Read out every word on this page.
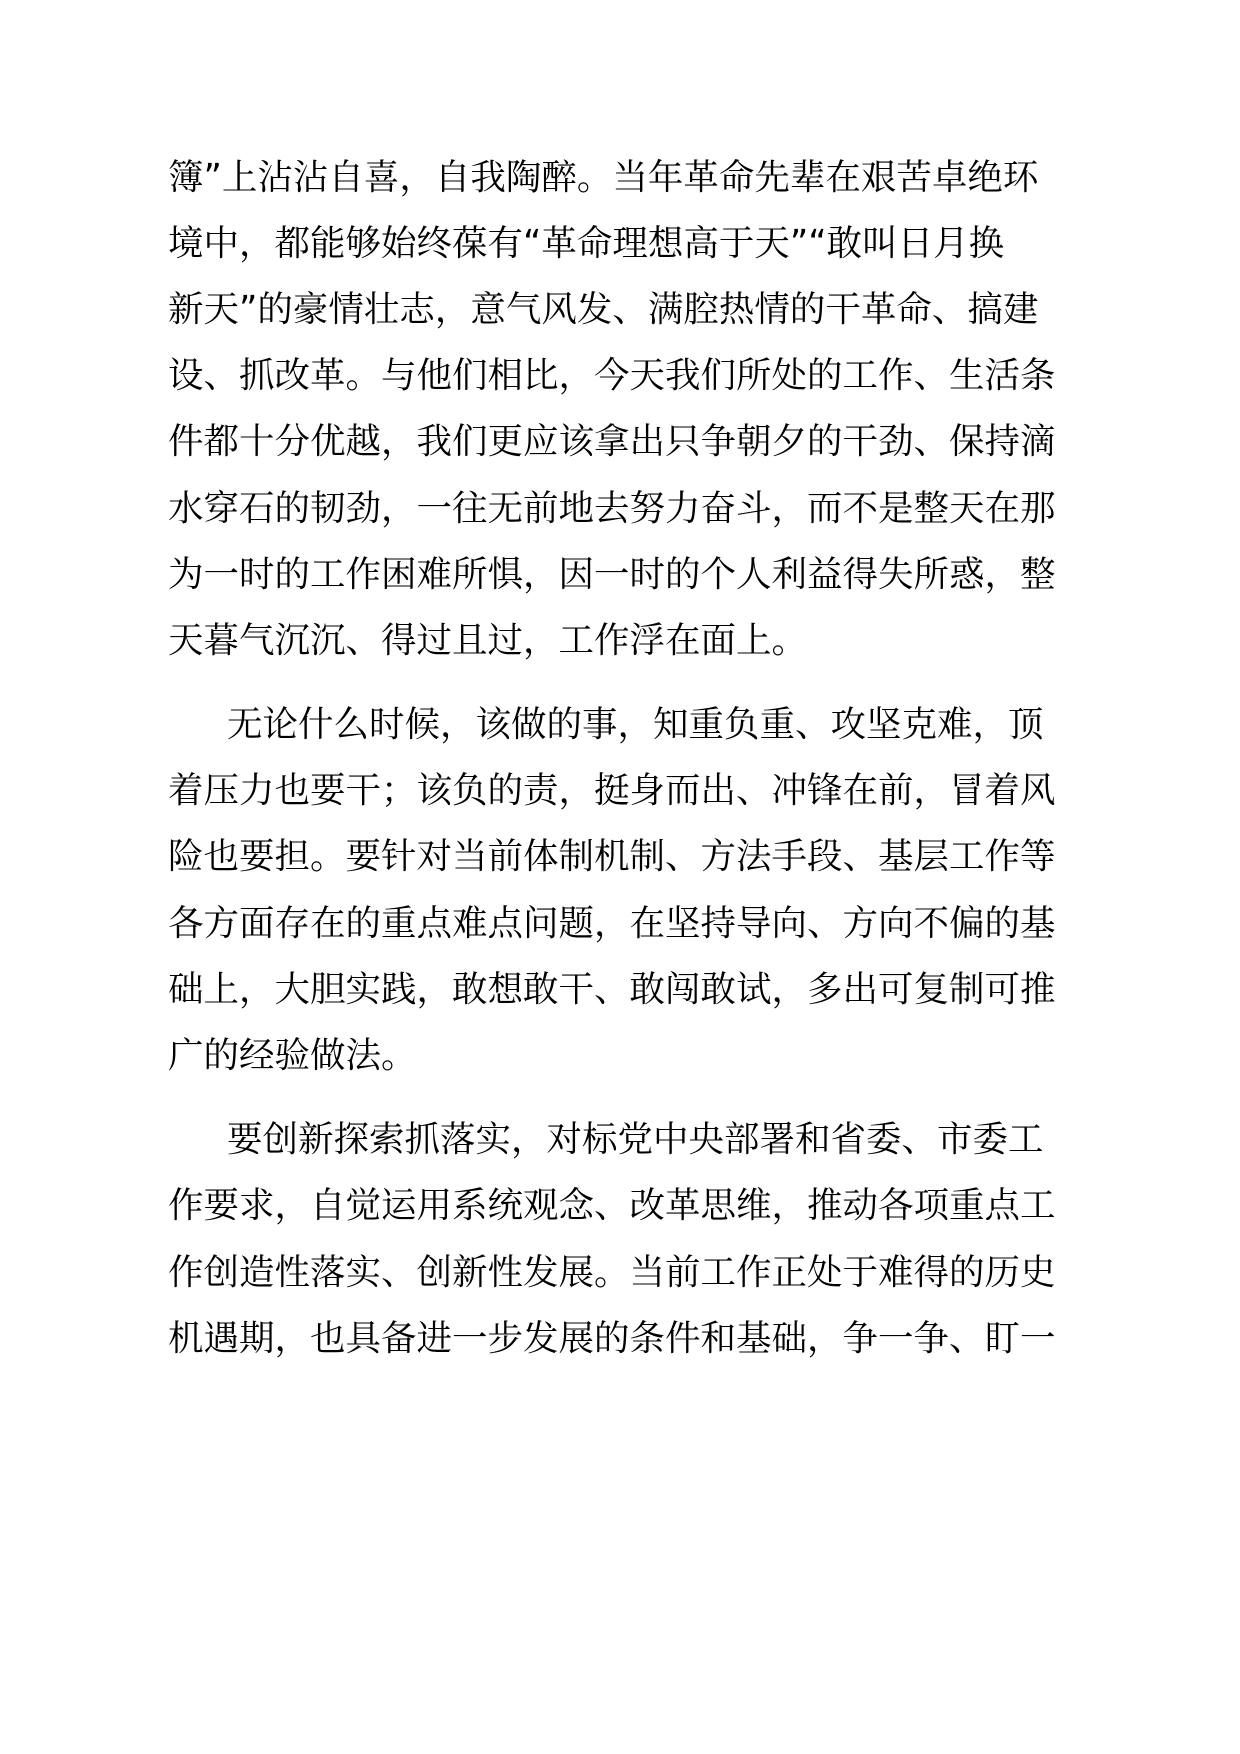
簿”上沾沾自喜，自我陶醉。当年革命先辈在艰苦卓绝环
境中，都能够始终葆有“革命理想高于天”“敢叫日月换
新天”的豪情壮志，意气风发、满腔热情的干革命、搞建
设、抓改革。与他们相比，今天我们所处的工作、生活条
件都十分优越，我们更应该拿出只争朝夕的干劲、保持滴
水穿石的韧劲，一往无前地去努力奋斗，而不是整天在那
为一时的工作困难所惧，因一时的个人利益得失所惑，整
天暮气沉沉、得过且过，工作浮在面上。
无论什么时候，该做的事，知重负重、攻坚克难，顶
着压力也要干；该负的责，挺身而出、冲锋在前，冒着风
险也要担。要针对当前体制机制、方法手段、基层工作等
各方面存在的重点难点问题，在坚持导向、方向不偏的基
础上，大胆实践，敢想敢干、敢闯敢试，多出可复制可推
广的经验做法。
要创新探索抓落实，对标党中央部署和省委、市委工
作要求，自觉运用系统观念、改革思维，推动各项重点工
作创造性落实、创新性发展。当前工作正处于难得的历史
机遇期，也具备进一步发展的条件和基础，争一争、盯一
